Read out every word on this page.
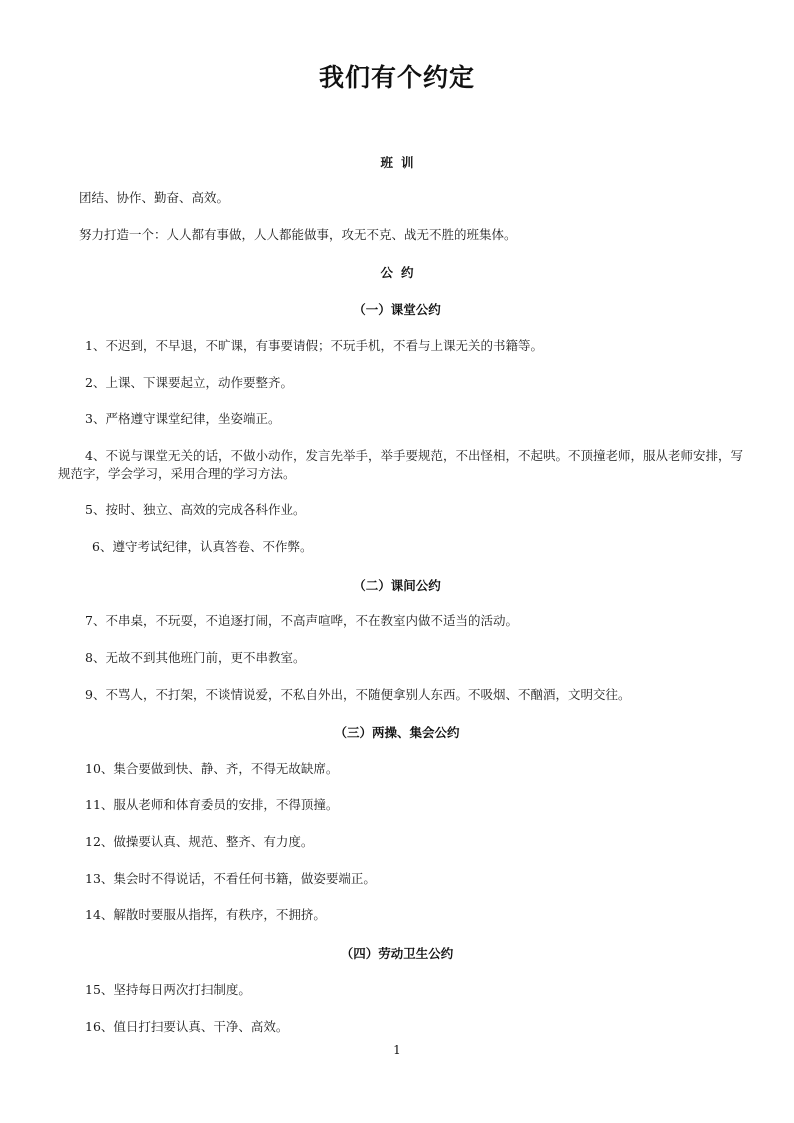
我们有个约定
班训
团结、协作、勤奋、高效。
努力打造一个：人人都有事做，人人都能做事，攻无不克、战无不胜的班集体。
公约
（一）课堂公约
1、不迟到，不早退，不旷课，有事要请假；不玩手机，不看与上课无关的书籍等。
2、上课、下课要起立，动作要整齐。
3、严格遵守课堂纪律，坐姿端正。
4、不说与课堂无关的话，不做小动作，发言先举手，举手要规范，不出怪相，不起哄。不顶撞老师，服从老师安排，写规范字，学会学习，采用合理的学习方法。
5、按时、独立、高效的完成各科作业。
6、遵守考试纪律，认真答卷、不作弊。
（二）课间公约
7、不串桌，不玩耍，不追逐打闹，不高声喧哗，不在教室内做不适当的活动。
8、无故不到其他班门前，更不串教室。
9、不骂人，不打架，不谈情说爱，不私自外出，不随便拿别人东西。不吸烟、不酗酒，文明交往。
（三）两操、集会公约
10、集合要做到快、静、齐，不得无故缺席。
11、服从老师和体育委员的安排，不得顶撞。
12、做操要认真、规范、整齐、有力度。
13、集会时不得说话，不看任何书籍，做姿要端正。
14、解散时要服从指挥，有秩序，不拥挤。
（四）劳动卫生公约
15、坚持每日两次打扫制度。
16、值日打扫要认真、干净、高效。
1
